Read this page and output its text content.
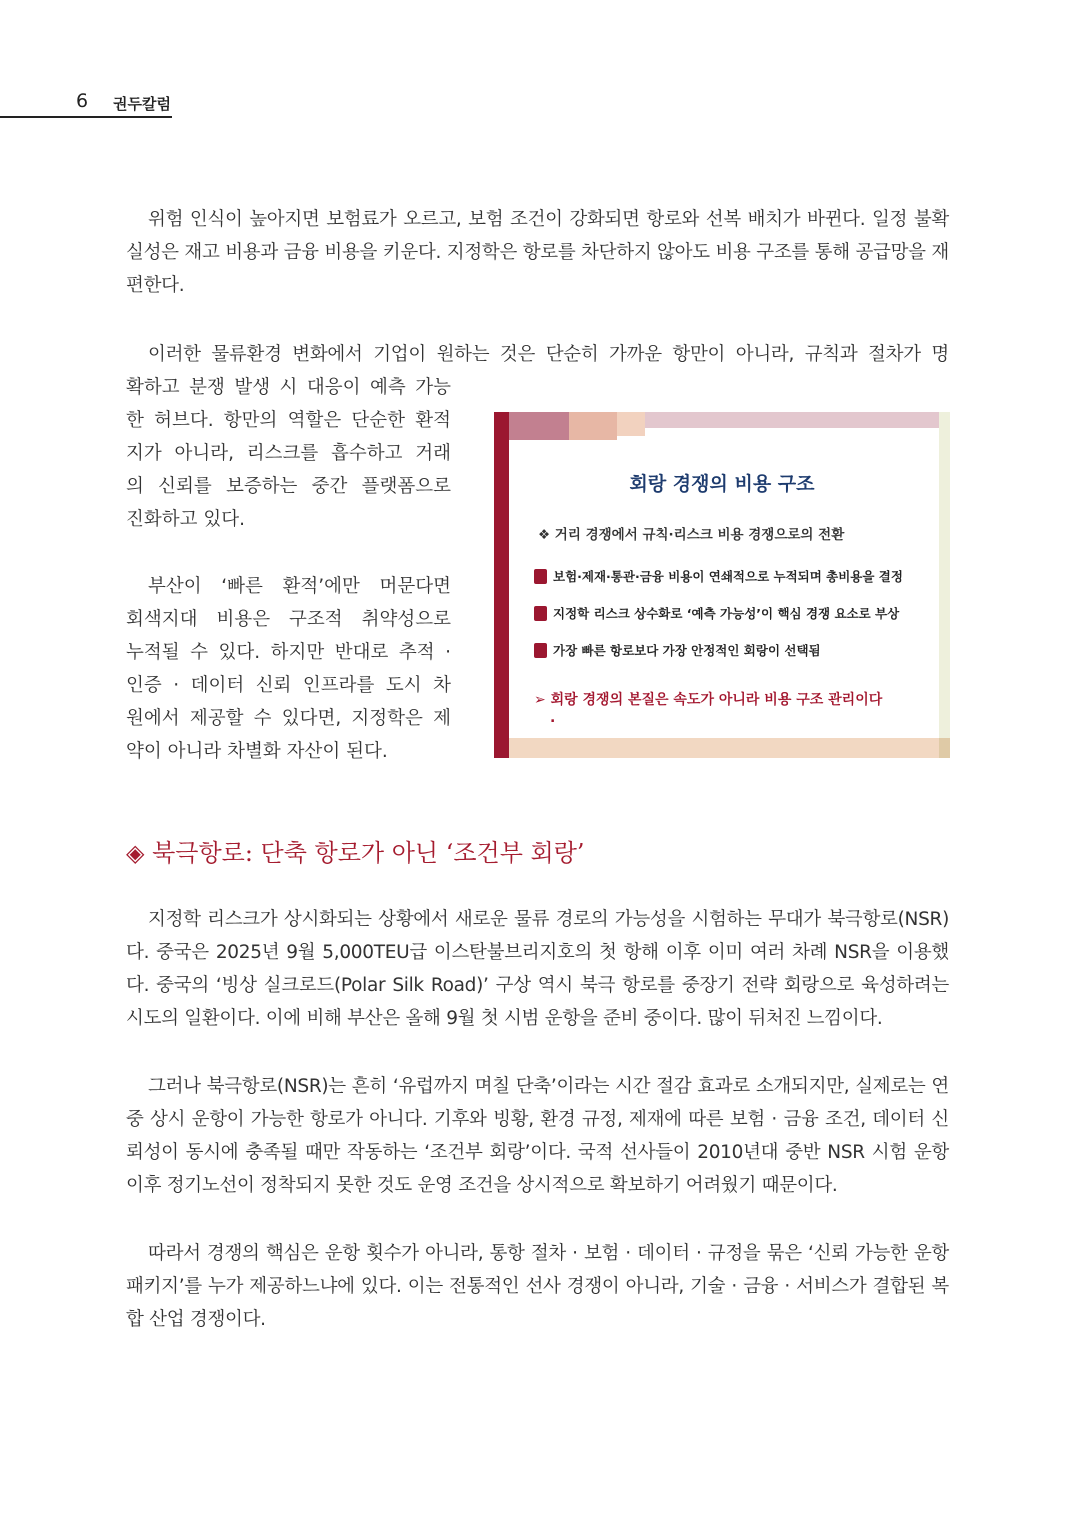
6 권두칼럼

위험 인식이 높아지면 보험료가 오르고, 보험 조건이 강화되면 항로와 선복 배치가 바뀐다. 일정 불확실성은 재고 비용과 금융 비용을 키운다. 지정학은 항로를 차단하지 않아도 비용 구조를 통해 공급망을 재편한다.

이러한 물류환경 변화에서 기업이 원하는 것은 단순히 가까운 항만이 아니라, 규칙과 절차가 명

확하고 분쟁 발생 시 대응이 예측 가능
한 허브다. 항만의 역할은 단순한 환적
지가 아니라, 리스크를 흡수하고 거래
의 신뢰를 보증하는 중간 플랫폼으로
진화하고 있다.
부산이 ‘빠른 환적’에만 머문다면
회색지대 비용은 구조적 취약성으로
누적될 수 있다. 하지만 반대로 추적 ·
인증 · 데이터 신뢰 인프라를 도시 차
원에서 제공할 수 있다면, 지정학은 제
약이 아니라 차별화 자산이 된다.
회랑 경쟁의 비용 구조
❖ 거리 경쟁에서 규칙·리스크 비용 경쟁으로의 전환
보험·제재·통관·금융 비용이 연쇄적으로 누적되며 총비용을 결정
지정학 리스크 상수화로 ‘예측 가능성’이 핵심 경쟁 요소로 부상
가장 빠른 항로보다 가장 안정적인 회랑이 선택됨
➢ 회랑 경쟁의 본질은 속도가 아니라 비용 구조 관리이다
.
◈ 북극항로: 단축 항로가 아닌 ‘조건부 회랑’

지정학 리스크가 상시화되는 상황에서 새로운 물류 경로의 가능성을 시험하는 무대가 북극항로(NSR)다. 중국은 2025년 9월 5,000TEU급 이스탄불브리지호의 첫 항해 이후 이미 여러 차례 NSR을 이용했다. 중국의 ‘빙상 실크로드(Polar Silk Road)’ 구상 역시 북극 항로를 중장기 전략 회랑으로 육성하려는 시도의 일환이다. 이에 비해 부산은 올해 9월 첫 시범 운항을 준비 중이다. 많이 뒤처진 느낌이다.

그러나 북극항로(NSR)는 흔히 ‘유럽까지 며칠 단축’이라는 시간 절감 효과로 소개되지만, 실제로는 연중 상시 운항이 가능한 항로가 아니다. 기후와 빙황, 환경 규정, 제재에 따른 보험 · 금융 조건, 데이터 신뢰성이 동시에 충족될 때만 작동하는 ‘조건부 회랑’이다. 국적 선사들이 2010년대 중반 NSR 시험 운항 이후 정기노선이 정착되지 못한 것도 운영 조건을 상시적으로 확보하기 어려웠기 때문이다.

따라서 경쟁의 핵심은 운항 횟수가 아니라, 통항 절차 · 보험 · 데이터 · 규정을 묶은 ‘신뢰 가능한 운항 패키지’를 누가 제공하느냐에 있다. 이는 전통적인 선사 경쟁이 아니라, 기술 · 금융 · 서비스가 결합된 복합 산업 경쟁이다.
